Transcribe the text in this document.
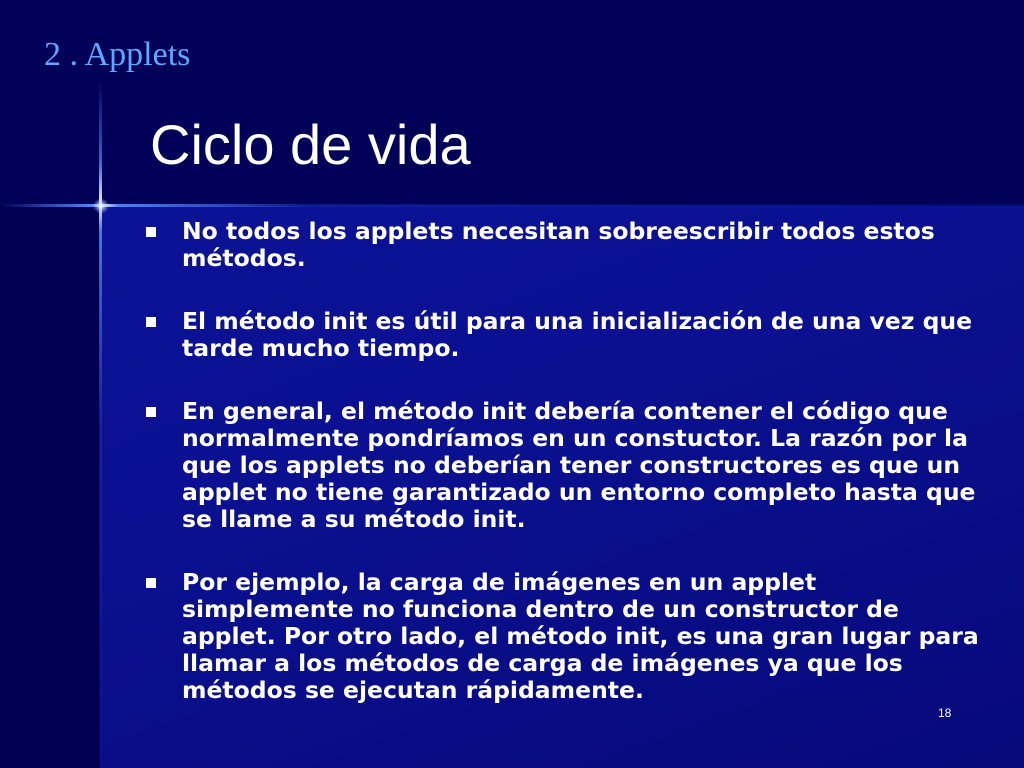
2 . Applets
Ciclo de vida
No todos los applets necesitan sobreescribir todos estos métodos.
El método init es útil para una inicialización de una vez que tarde mucho tiempo.
En general, el método init debería contener el código que normalmente pondríamos en un constuctor. La razón por la que los applets no deberían tener constructores es que un applet no tiene garantizado un entorno completo hasta que se llame a su método init.
Por ejemplo, la carga de imágenes en un applet simplemente no funciona dentro de un constructor de applet. Por otro lado, el método init, es una gran lugar para llamar a los métodos de carga de imágenes ya que los métodos se ejecutan rápidamente.
18
